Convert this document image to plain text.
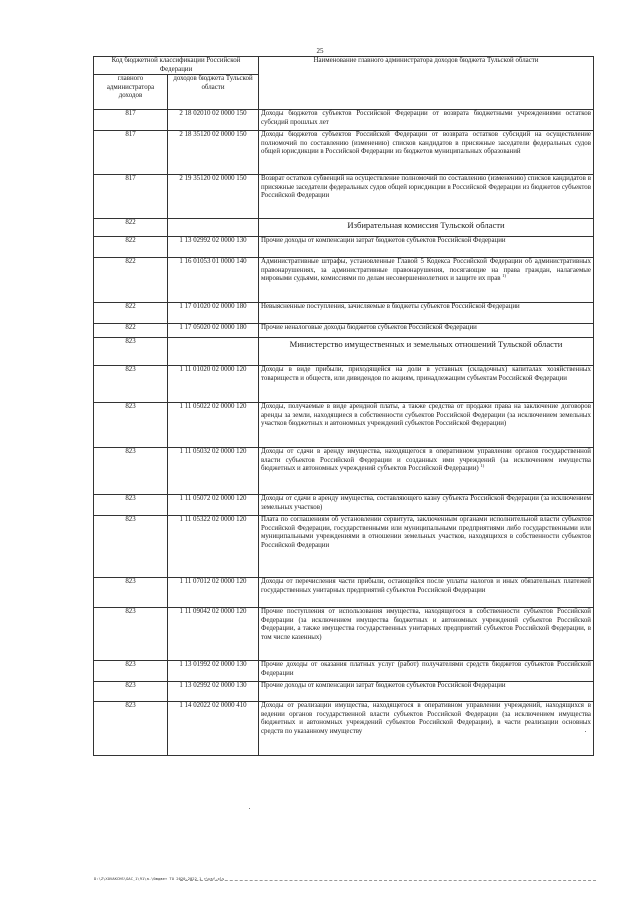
25
Код бюджетной классификации Российской Федерации		Наименование главного администратора доходов бюджета Тульской области
главного администратора доходов	доходов бюджета Тульской области	
817	2 18 02010 02 0000 150	Доходы бюджетов субъектов Российской Федерации от возврата бюджетными учреждениями остатков субсидий прошлых лет
817	2 18 35120 02 0000 150	Доходы бюджетов субъектов Российской Федерации от возврата остатков субсидий на осуществление полномочий по составлению (изменению) списков кандидатов в присяжные заседатели федеральных судов общей юрисдикции в Российской Федерации из бюджетов муниципальных образований
817	2 19 35120 02 0000 150	Возврат остатков субвенций на осуществление полномочий по составлению (изменению) списков кандидатов в присяжные заседатели федеральных судов общей юрисдикции в Российской Федерации из бюджетов субъектов Российской Федерации
822		Избирательная комиссия Тульской области
822	1 13 02992 02 0000 130	Прочие доходы от компенсации затрат бюджетов субъектов Российской Федерации
822	1 16 01053 01 0000 140	Административные штрафы, установленные Главой 5 Кодекса Российской Федерации об административных правонарушениях, за административные правонарушения, посягающие на права граждан, налагаемые мировыми судьями, комиссиями по делам несовершеннолетних и защите их прав $^{1)}$
822	1 17 01020 02 0000 180	Невыясненные поступления, зачисляемые в бюджеты субъектов Российской Федерации
822	1 17 05020 02 0000 180	Прочие неналоговые доходы бюджетов субъектов Российской Федерации
823		Министерство имущественных и земельных отношений Тульской области
823	1 11 01020 02 0000 120	Доходы в виде прибыли, приходящейся на доли в уставных (складочных) капиталах хозяйственных товариществ и обществ, или дивидендов по акциям, принадлежащим субъектам Российской Федерации
823	1 11 05022 02 0000 120	Доходы, получаемые в виде арендной платы, а также средства от продажи права на заключение договоров аренды за земли, находящиеся в собственности субъектов Российской Федерации (за исключением земельных участков бюджетных и автономных учреждений субъектов Российской Федерации)
823	1 11 05032 02 0000 120	Доходы от сдачи в аренду имущества, находящегося в оперативном управлении органов государственной власти субъектов Российской Федерации и созданных ими учреждений (за исключением имущества бюджетных и автономных учреждений субъектов Российской Федерации) $^{1)}$
823	1 11 05072 02 0000 120	Доходы от сдачи в аренду имущества, составляющего казну субъекта Российской Федерации (за исключением земельных участков)
823	1 11 05322 02 0000 120	Плата по соглашениям об установлении сервитута, заключенным органами исполнительной власти субъектов Российской Федерации, государственными или муниципальными предприятиями либо государственными или муниципальными учреждениями в отношении земельных участков, находящихся в собственности субъектов Российской Федерации
823	1 11 07012 02 0000 120	Доходы от перечисления части прибыли, остающейся после уплаты налогов и иных обязательных платежей государственных унитарных предприятий субъектов Российской Федерации
823	1 11 09042 02 0000 120	Прочие поступления от использования имущества, находящегося в собственности субъектов Российской Федерации (за исключением имущества бюджетных и автономных учреждений субъектов Российской Федерации, а также имущества государственных унитарных предприятий субъектов Российской Федерации, в том числе казенных)
823	1 13 01992 02 0000 130	Прочие доходы от оказания платных услуг (работ) получателями средств бюджетов субъектов Российской Федерации
823	1 13 02992 02 0000 130	Прочие доходы от компенсации затрат бюджетов субъектов Российской Федерации
823	1 14 02022 02 0000 410	Доходы от реализации имущества, находящегося в оперативном управлении учреждений, находящихся в ведении органов государственной власти субъектов Российской Федерации (за исключением имущества бюджетных и автономных учреждений субъектов Российской Федерации), в части реализации основных средств по указанному имуществу
D:\Z\XOVAKCHS\GAC_1\91\а.\бюджет ТО 2020-2022_1 т\рsf.xls
